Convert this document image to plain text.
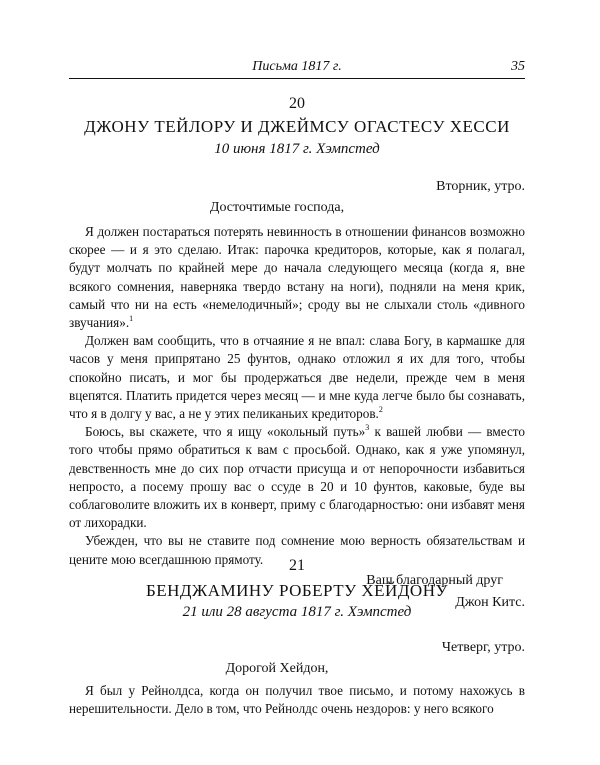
Письма 1817 г.	35
20
ДЖОНУ ТЕЙЛОРУ И ДЖЕЙМСУ ОГАСТЕСУ ХЕССИ
10 июня 1817 г. Хэмпстед
Вторник, утро.
Досточтимые господа,

Я должен постараться потерять невинность в отношении финансов возможно скорее — и я это сделаю. Итак: парочка кредиторов, которые, как я полагал, будут молчать по крайней мере до начала следующего месяца (когда я, вне всякого сомнения, наверняка твердо встану на ноги), подняли на меня крик, самый что ни на есть «немелодичный»; сроду вы не слыхали столь «дивного звучания».$^1$

Должен вам сообщить, что в отчаяние я не впал: слава Богу, в кармашке для часов у меня припрятано 25 фунтов, однако отложил я их для того, чтобы спокойно писать, и мог бы продержаться две недели, прежде чем в меня вцепятся. Платить придется через месяц — и мне куда легче было бы сознавать, что я в долгу у вас, а не у этих пеликаньих кредиторов.$^2$

Боюсь, вы скажете, что я ищу «окольный путь»$^3$ к вашей любви — вместо того чтобы прямо обратиться к вам с просьбой. Однако, как я уже упомянул, девственность мне до сих пор отчасти присуща и от непорочности избавиться непросто, а посему прошу вас о ссуде в 20 и 10 фунтов, каковые, буде вы соблаговолите вложить их в конверт, приму с благодарностью: они избавят меня от лихорадки.

Убежден, что вы не ставите под сомнение мою верность обязательствам и цените мою всегдашнюю прямоту.

Ваш благодарный друг
Джон Китс.
21
БЕНДЖАМИНУ РОБЕРТУ ХЕЙДОНУ
21 или 28 августа 1817 г. Хэмпстед
Четверг, утро.
Дорогой Хейдон,

Я был у Рейнолдса, когда он получил твое письмо, и потому нахожусь в нерешительности. Дело в том, что Рейнолдс очень нездоров: у него всякого
